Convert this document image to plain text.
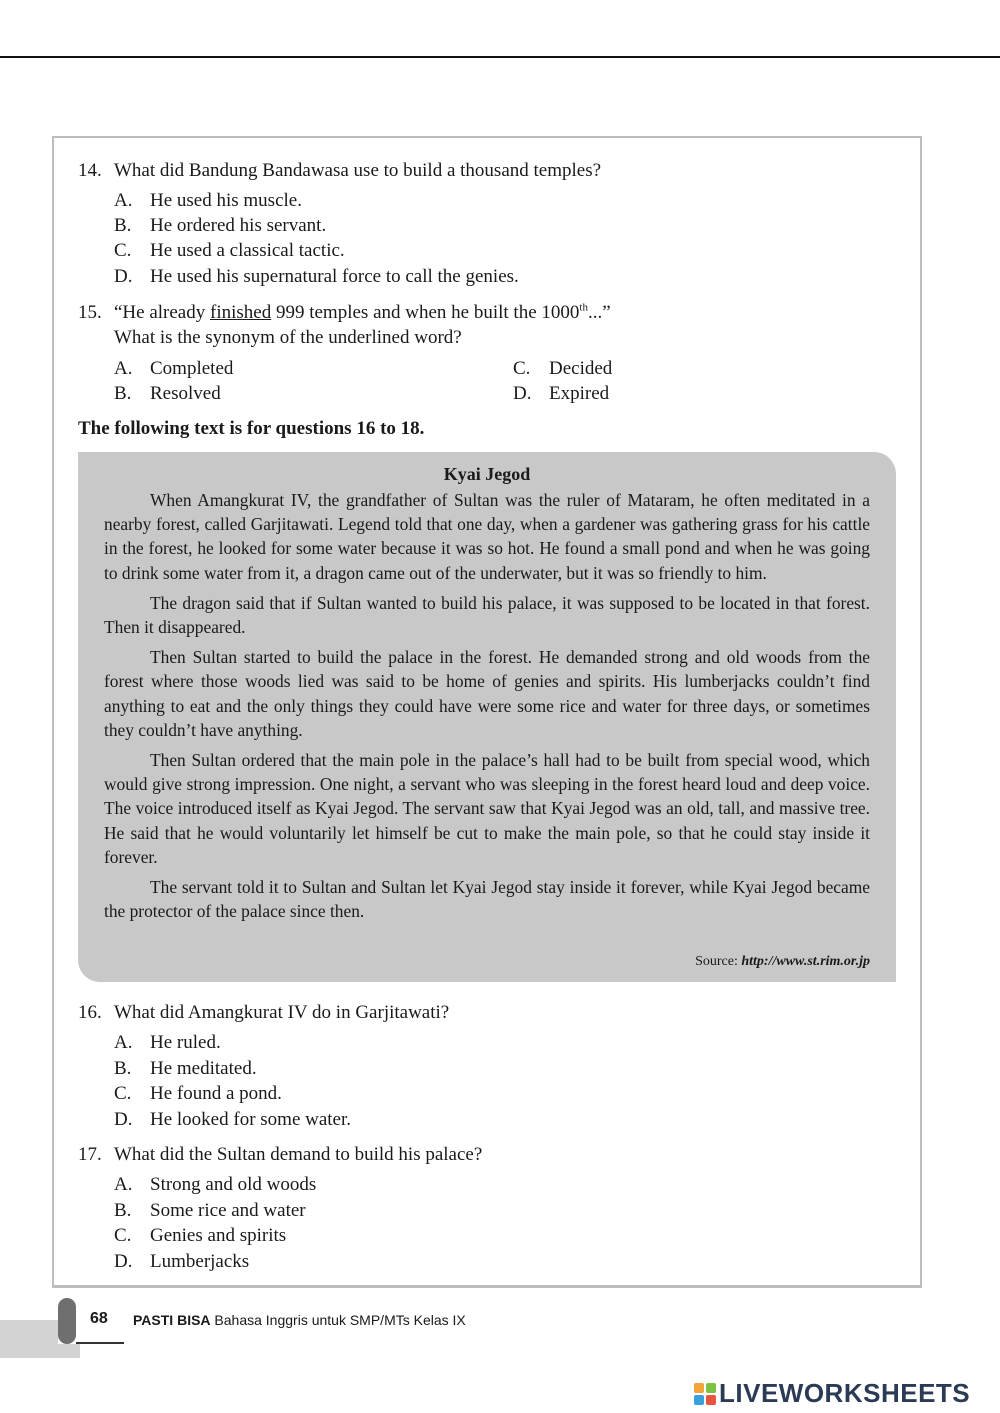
14. What did Bandung Bandawasa use to build a thousand temples?
A. He used his muscle.
B. He ordered his servant.
C. He used a classical tactic.
D. He used his supernatural force to call the genies.
15. “He already finished 999 temples and when he built the 1000th...”
What is the synonym of the underlined word?
A. Completed
B. Resolved
C. Decided
D. Expired
The following text is for questions 16 to 18.
Kyai Jegod

When Amangkurat IV, the grandfather of Sultan was the ruler of Mataram, he often meditated in a nearby forest, called Garjitawati. Legend told that one day, when a gardener was gathering grass for his cattle in the forest, he looked for some water because it was so hot. He found a small pond and when he was going to drink some water from it, a dragon came out of the underwater, but it was so friendly to him.

The dragon said that if Sultan wanted to build his palace, it was supposed to be located in that forest. Then it disappeared.

Then Sultan started to build the palace in the forest. He demanded strong and old woods from the forest where those woods lied was said to be home of genies and spirits. His lumberjacks couldn’t find anything to eat and the only things they could have were some rice and water for three days, or sometimes they couldn’t have anything.

Then Sultan ordered that the main pole in the palace’s hall had to be built from special wood, which would give strong impression. One night, a servant who was sleeping in the forest heard loud and deep voice. The voice introduced itself as Kyai Jegod. The servant saw that Kyai Jegod was an old, tall, and massive tree. He said that he would voluntarily let himself be cut to make the main pole, so that he could stay inside it forever.

The servant told it to Sultan and Sultan let Kyai Jegod stay inside it forever, while Kyai Jegod became the protector of the palace since then.

Source: http://www.st.rim.or.jp
16. What did Amangkurat IV do in Garjitawati?
A. He ruled.
B. He meditated.
C. He found a pond.
D. He looked for some water.
17. What did the Sultan demand to build his palace?
A. Strong and old woods
B. Some rice and water
C. Genies and spirits
D. Lumberjacks
68 PASTI BISA Bahasa Inggris untuk SMP/MTs Kelas IX
LIVEWORKSHEETS
